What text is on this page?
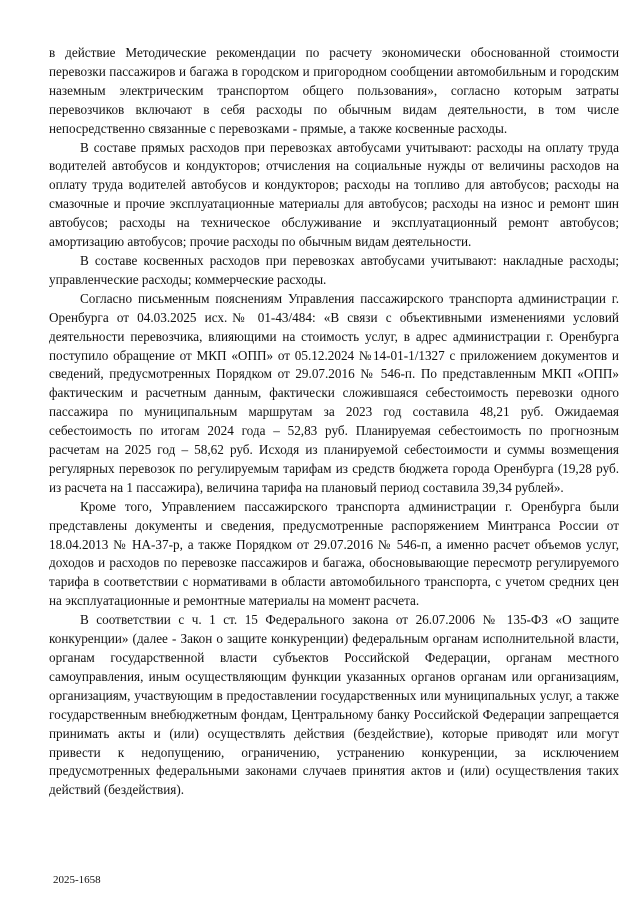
в действие Методические рекомендации по расчету экономически обоснованной стоимости перевозки пассажиров и багажа в городском и пригородном сообщении автомобильным и городским наземным электрическим транспортом общего пользования», согласно которым затраты перевозчиков включают в себя расходы по обычным видам деятельности, в том числе непосредственно связанные с перевозками - прямые, а также косвенные расходы.

В составе прямых расходов при перевозках автобусами учитывают: расходы на оплату труда водителей автобусов и кондукторов; отчисления на социальные нужды от величины расходов на оплату труда водителей автобусов и кондукторов; расходы на топливо для автобусов; расходы на смазочные и прочие эксплуатационные материалы для автобусов; расходы на износ и ремонт шин автобусов; расходы на техническое обслуживание и эксплуатационный ремонт автобусов; амортизацию автобусов; прочие расходы по обычным видам деятельности.

В составе косвенных расходов при перевозках автобусами учитывают: накладные расходы; управленческие расходы; коммерческие расходы.

Согласно письменным пояснениям Управления пассажирского транспорта администрации г. Оренбурга от 04.03.2025 исх.№ 01-43/484: «В связи с объективными изменениями условий деятельности перевозчика, влияющими на стоимость услуг, в адрес администрации г. Оренбурга поступило обращение от МКП «ОПП» от 05.12.2024 №14-01-1/1327 с приложением документов и сведений, предусмотренных Порядком от 29.07.2016 № 546-п. По представленным МКП «ОПП» фактическим и расчетным данным, фактически сложившаяся себестоимость перевозки одного пассажира по муниципальным маршрутам за 2023 год составила 48,21 руб. Ожидаемая себестоимость по итогам 2024 года – 52,83 руб. Планируемая себестоимость по прогнозным расчетам на 2025 год – 58,62 руб. Исходя из планируемой себестоимости и суммы возмещения регулярных перевозок по регулируемым тарифам из средств бюджета города Оренбурга (19,28 руб. из расчета на 1 пассажира), величина тарифа на плановый период составила 39,34 рублей».

Кроме того, Управлением пассажирского транспорта администрации г. Оренбурга были представлены документы и сведения, предусмотренные распоряжением Минтранса России от 18.04.2013 № НА-37-р, а также Порядком от 29.07.2016 № 546-п, а именно расчет объемов услуг, доходов и расходов по перевозке пассажиров и багажа, обосновывающие пересмотр регулируемого тарифа в соответствии с нормативами в области автомобильного транспорта, с учетом средних цен на эксплуатационные и ремонтные материалы на момент расчета.

В соответствии с ч. 1 ст. 15 Федерального закона от 26.07.2006 № 135-ФЗ «О защите конкуренции» (далее - Закон о защите конкуренции) федеральным органам исполнительной власти, органам государственной власти субъектов Российской Федерации, органам местного самоуправления, иным осуществляющим функции указанных органов органам или организациям, организациям, участвующим в предоставлении государственных или муниципальных услуг, а также государственным внебюджетным фондам, Центральному банку Российской Федерации запрещается принимать акты и (или) осуществлять действия (бездействие), которые приводят или могут привести к недопущению, ограничению, устранению конкуренции, за исключением предусмотренных федеральными законами случаев принятия актов и (или) осуществления таких действий (бездействия).

2025-1658
